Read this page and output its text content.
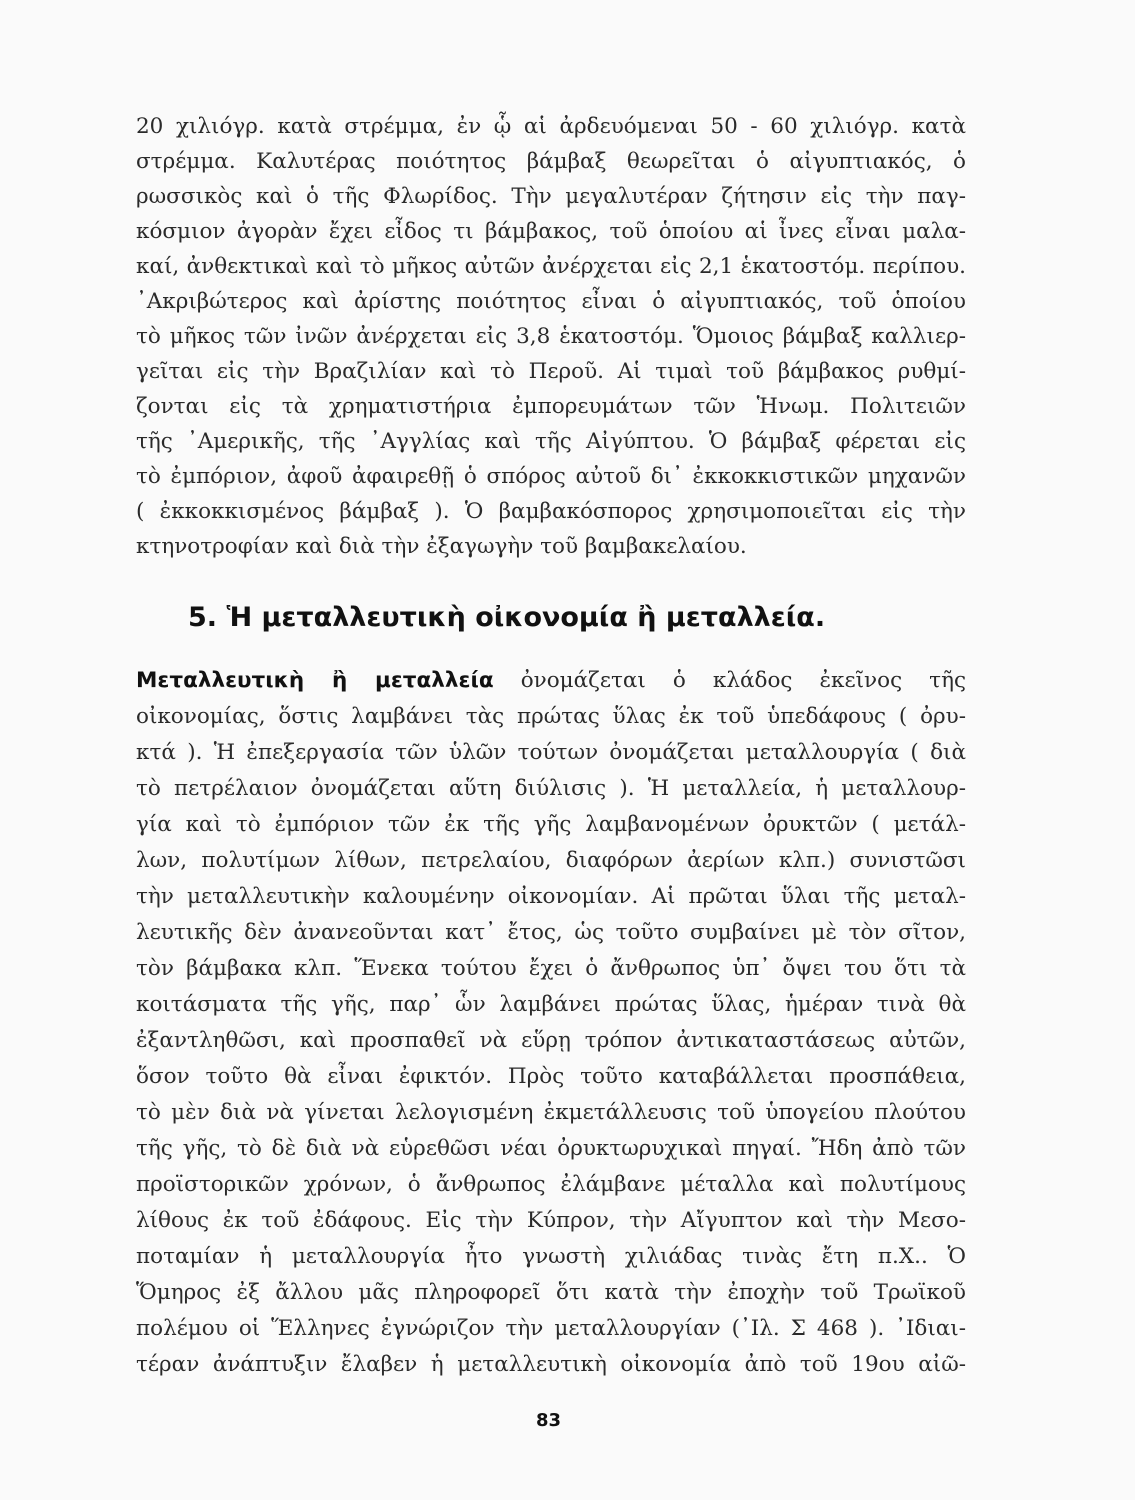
20 χιλιόγρ. κατὰ στρέμμα, ἐν ᾧ αἱ ἀρδευόμεναι 50 - 60 χιλιόγρ. κατὰ
στρέμμα. Καλυτέρας ποιότητος βάμβαξ θεωρεῖται ὁ αἰγυπτιακός, ὁ
ρωσσικὸς καὶ ὁ τῆς Φλωρίδος. Τὴν μεγαλυτέραν ζήτησιν εἰς τὴν παγ-
κόσμιον ἀγορὰν ἔχει εἶδος τι βάμβακος, τοῦ ὁποίου αἱ ἶνες εἶναι μαλα-
καί, ἀνθεκτικαὶ καὶ τὸ μῆκος αὐτῶν ἀνέρχεται εἰς 2,1 ἑκατοστόμ. περίπου.
᾿Ακριβώτερος καὶ ἀρίστης ποιότητος εἶναι ὁ αἰγυπτιακός, τοῦ ὁποίου
τὸ μῆκος τῶν ἰνῶν ἀνέρχεται εἰς 3,8 ἑκατοστόμ. Ὅμοιος βάμβαξ καλλιερ-
γεῖται εἰς τὴν Βραζιλίαν καὶ τὸ Περοῦ. Αἱ τιμαὶ τοῦ βάμβακος ρυθμί-
ζονται εἰς τὰ χρηματιστήρια ἐμπορευμάτων τῶν Ἡνωμ. Πολιτειῶν
τῆς ᾿Αμερικῆς, τῆς ᾿Αγγλίας καὶ τῆς Αἰγύπτου. Ὁ βάμβαξ φέρεται εἰς
τὸ ἐμπόριον, ἀφοῦ ἀφαιρεθῇ ὁ σπόρος αὐτοῦ δι᾿ ἐκκοκκιστικῶν μηχανῶν
( ἐκκοκκισμένος βάμβαξ ). Ὁ βαμβακόσπορος χρησιμοποιεῖται εἰς τὴν
κτηνοτροφίαν καὶ διὰ τὴν ἐξαγωγὴν τοῦ βαμβακελαίου.
5. Ἡ μεταλλευτικὴ οἰκονομία ἢ μεταλλεία.
Μεταλλευτικὴ ἢ μεταλλεία ὀνομάζεται ὁ κλάδος ἐκεῖνος τῆς
οἰκονομίας, ὅστις λαμβάνει τὰς πρώτας ὕλας ἐκ τοῦ ὑπεδάφους ( ὀρυ-
κτά ). Ἡ ἐπεξεργασία τῶν ὑλῶν τούτων ὀνομάζεται μεταλλουργία ( διὰ
τὸ πετρέλαιον ὀνομάζεται αὕτη διύλισις ). Ἡ μεταλλεία, ἡ μεταλλουρ-
γία καὶ τὸ ἐμπόριον τῶν ἐκ τῆς γῆς λαμβανομένων ὀρυκτῶν ( μετάλ-
λων, πολυτίμων λίθων, πετρελαίου, διαφόρων ἀερίων κλπ.) συνιστῶσι
τὴν μεταλλευτικὴν καλουμένην οἰκονομίαν. Αἱ πρῶται ὕλαι τῆς μεταλ-
λευτικῆς δὲν ἀνανεοῦνται κατ᾿ ἔτος, ὡς τοῦτο συμβαίνει μὲ τὸν σῖτον,
τὸν βάμβακα κλπ. Ἕνεκα τούτου ἔχει ὁ ἄνθρωπος ὑπ᾿ ὄψει του ὅτι τὰ
κοιτάσματα τῆς γῆς, παρ᾿ ὧν λαμβάνει πρώτας ὕλας, ἡμέραν τινὰ θὰ
ἐξαντληθῶσι, καὶ προσπαθεῖ νὰ εὕρῃ τρόπον ἀντικαταστάσεως αὐτῶν,
ὅσον τοῦτο θὰ εἶναι ἐφικτόν. Πρὸς τοῦτο καταβάλλεται προσπάθεια,
τὸ μὲν διὰ νὰ γίνεται λελογισμένη ἐκμετάλλευσις τοῦ ὑπογείου πλούτου
τῆς γῆς, τὸ δὲ διὰ νὰ εὑρεθῶσι νέαι ὀρυκτωρυχικαὶ πηγαί. Ἤδη ἀπὸ τῶν
προϊστορικῶν χρόνων, ὁ ἄνθρωπος ἐλάμβανε μέταλλα καὶ πολυτίμους
λίθους ἐκ τοῦ ἐδάφους. Εἰς τὴν Κύπρον, τὴν Αἴγυπτον καὶ τὴν Μεσο-
ποταμίαν ἡ μεταλλουργία ἦτο γνωστὴ χιλιάδας τινὰς ἔτη π.Χ.. Ὁ
Ὅμηρος ἐξ ἄλλου μᾶς πληροφορεῖ ὅτι κατὰ τὴν ἐποχὴν τοῦ Τρωϊκοῦ
πολέμου οἱ Ἕλληνες ἐγνώριζον τὴν μεταλλουργίαν (᾿Ιλ. Σ 468 ). ᾿Ιδιαι-
τέραν ἀνάπτυξιν ἔλαβεν ἡ μεταλλευτικὴ οἰκονομία ἀπὸ τοῦ 19ου αἰῶ-
83
